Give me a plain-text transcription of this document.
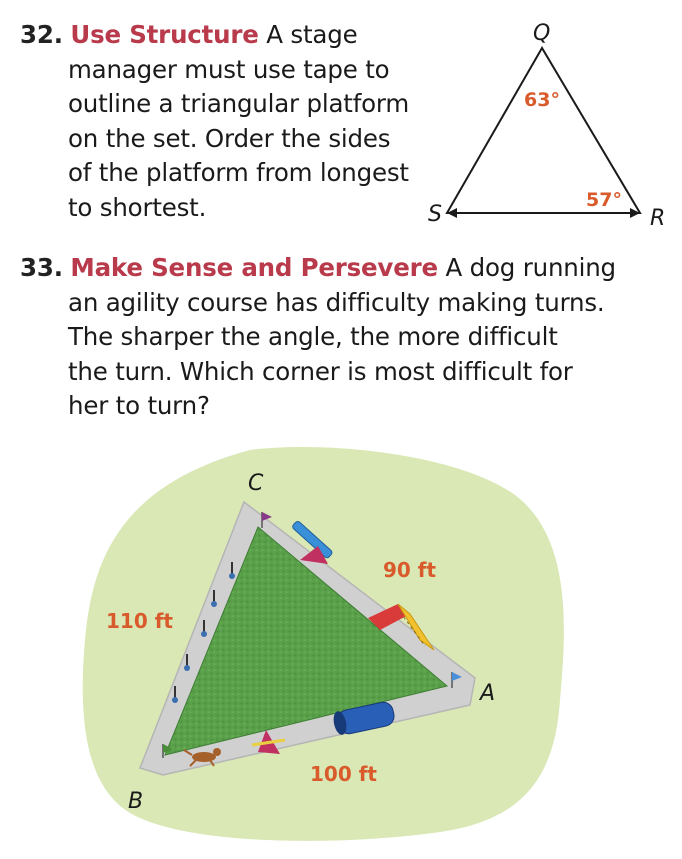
32. Use Structure A stage
manager must use tape to
outline a triangular platform
on the set. Order the sides
of the platform from longest
to shortest.
Q
S	R
63°
57°
33. Make Sense and Persevere A dog running
an agility course has difficulty making turns.
The sharper the angle, the more difficult
the turn. Which corner is most difficult for
her to turn?
C
A
B
90 ft
110 ft
100 ft
